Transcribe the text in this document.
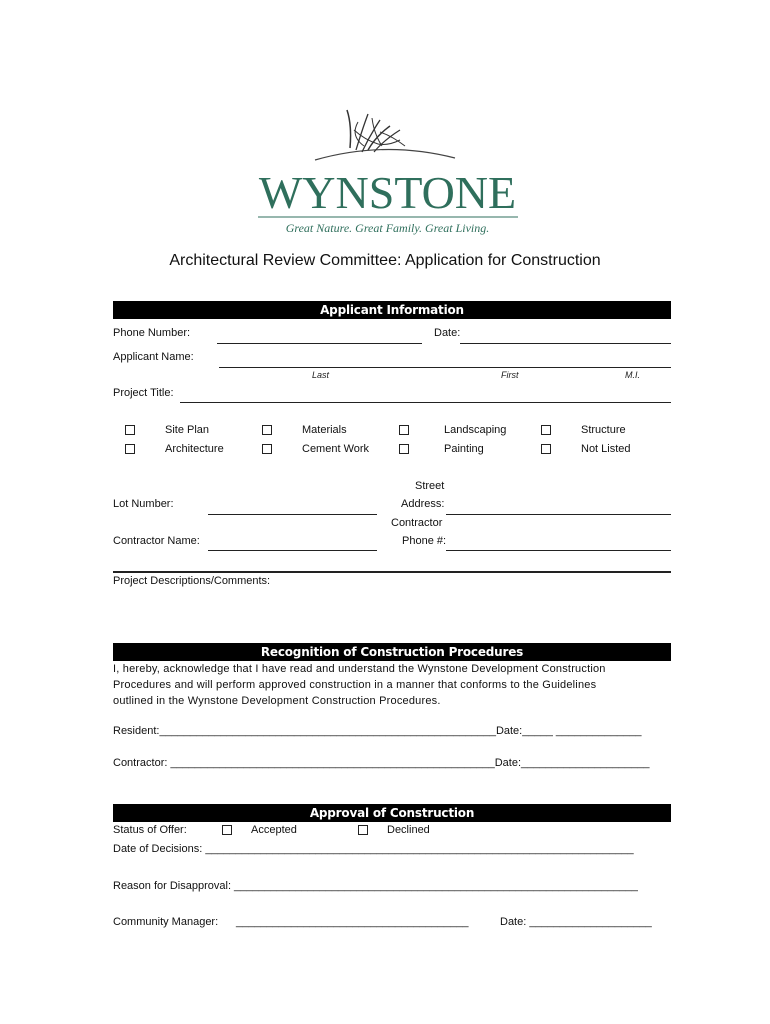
WYNSTONE
Great Nature. Great Family. Great Living.
Architectural Review Committee: Application for Construction
Applicant Information
Phone Number:	Date:
Applicant Name:
Last	First	M.I.
Project Title:
Site Plan	Materials	Landscaping	Structure
Architecture	Cement Work	Painting	Not Listed
Lot Number:
Street
Address:
Contractor Name:
Contractor
Phone #:
Project Descriptions/Comments:
Recognition of Construction Procedures
I, hereby, acknowledge that I have read and understand the Wynstone Development Construction
Procedures and will perform approved construction in a manner that conforms to the Guidelines
outlined in the Wynstone Development Construction Procedures.
Resident:_______________________________________________________Date:_____ ______________
Contractor: _____________________________________________________Date:_____________________
Approval of Construction
Status of Offer:	Accepted	Declined
Date of Decisions: ______________________________________________________________________
Reason for Disapproval: __________________________________________________________________
Community Manager: ______________________________________	Date: ____________________
